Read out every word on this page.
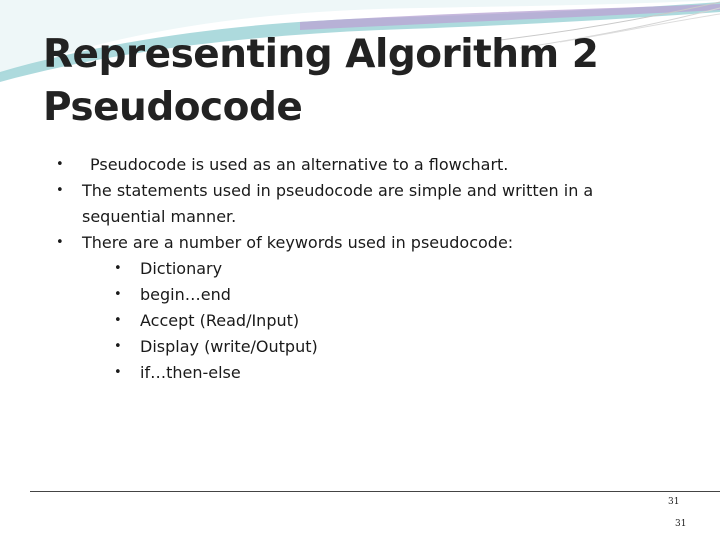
Representing Algorithm 2
Pseudocode
• Pseudocode is used as an alternative to a flowchart.
• The statements used in pseudocode are simple and written in a sequential manner.
• There are a number of keywords used in pseudocode:
• Dictionary
• begin…end
• Accept (Read/Input)
• Display (write/Output)
• if…then-else
31
31
